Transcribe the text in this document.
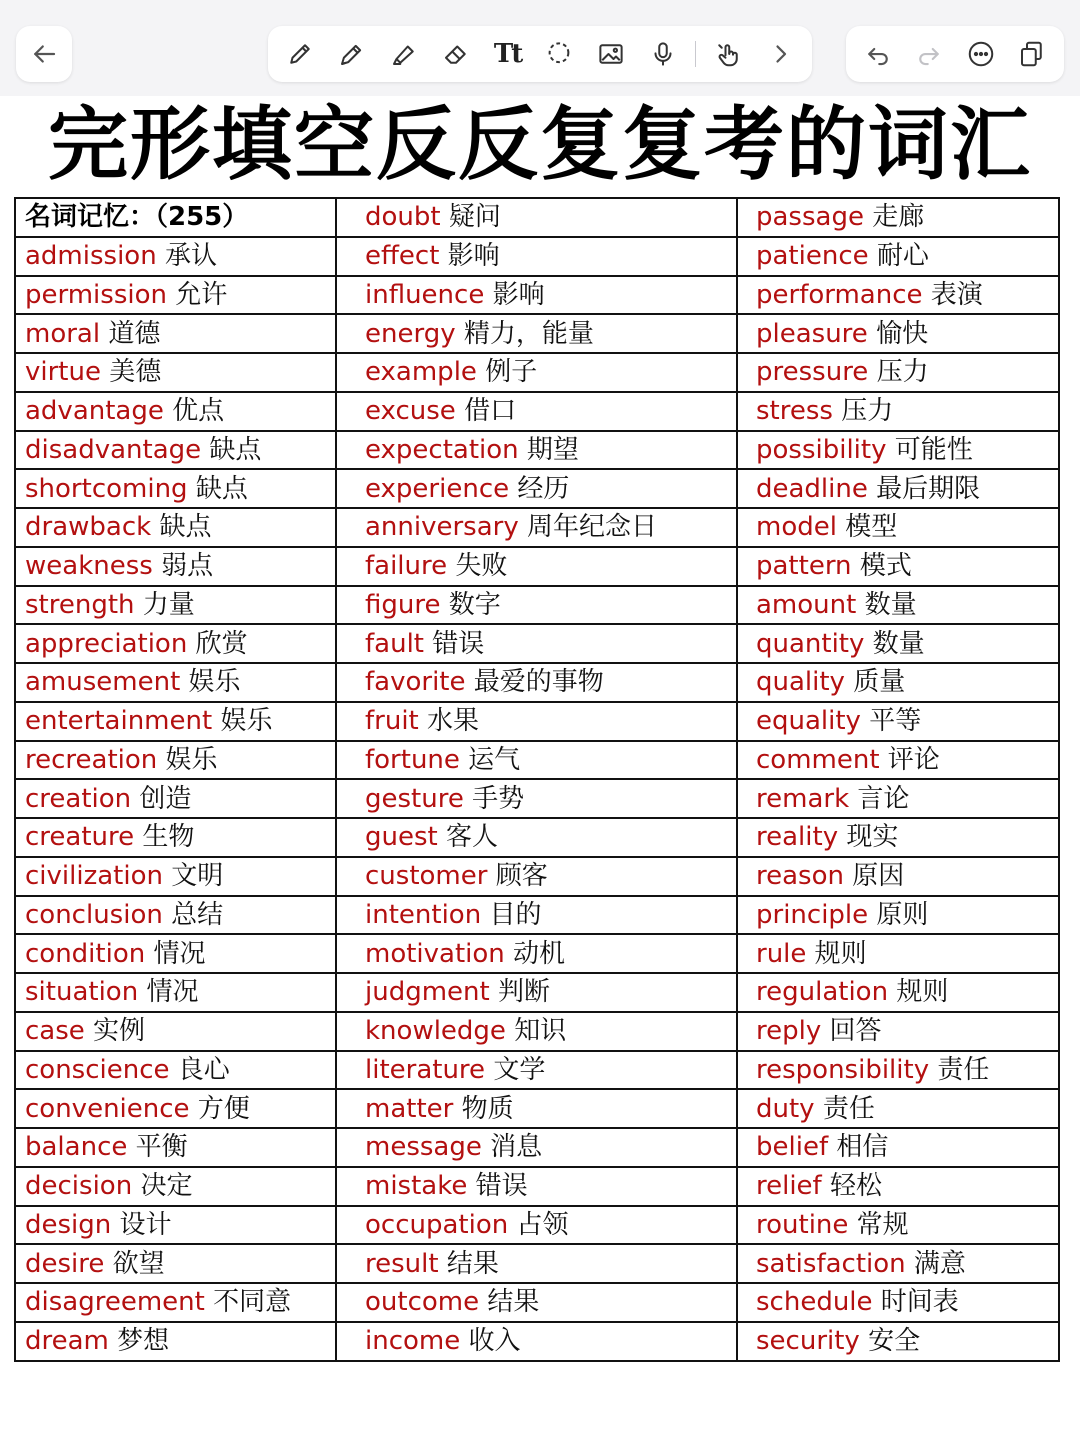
Tt
完形填空反反复复考的词汇
名词记忆：（255）	doubt 疑问	passage 走廊
admission 承认	effect 影响	patience 耐心
permission 允许	influence 影响	performance 表演
moral 道德	energy 精力，能量	pleasure 愉快
virtue 美德	example 例子	pressure 压力
advantage 优点	excuse 借口	stress 压力
disadvantage 缺点	expectation 期望	possibility 可能性
shortcoming 缺点	experience 经历	deadline 最后期限
drawback 缺点	anniversary 周年纪念日	model 模型
weakness 弱点	failure 失败	pattern 模式
strength 力量	figure 数字	amount 数量
appreciation 欣赏	fault 错误	quantity 数量
amusement 娱乐	favorite 最爱的事物	quality 质量
entertainment 娱乐	fruit 水果	equality 平等
recreation 娱乐	fortune 运气	comment 评论
creation 创造	gesture 手势	remark 言论
creature 生物	guest 客人	reality 现实
civilization 文明	customer 顾客	reason 原因
conclusion 总结	intention 目的	principle 原则
condition 情况	motivation 动机	rule 规则
situation 情况	judgment 判断	regulation 规则
case 实例	knowledge 知识	reply 回答
conscience 良心	literature 文学	responsibility 责任
convenience 方便	matter 物质	duty 责任
balance 平衡	message 消息	belief 相信
decision 决定	mistake 错误	relief 轻松
design 设计	occupation 占领	routine 常规
desire 欲望	result 结果	satisfaction 满意
disagreement 不同意	outcome 结果	schedule 时间表
dream 梦想	income 收入	security 安全
